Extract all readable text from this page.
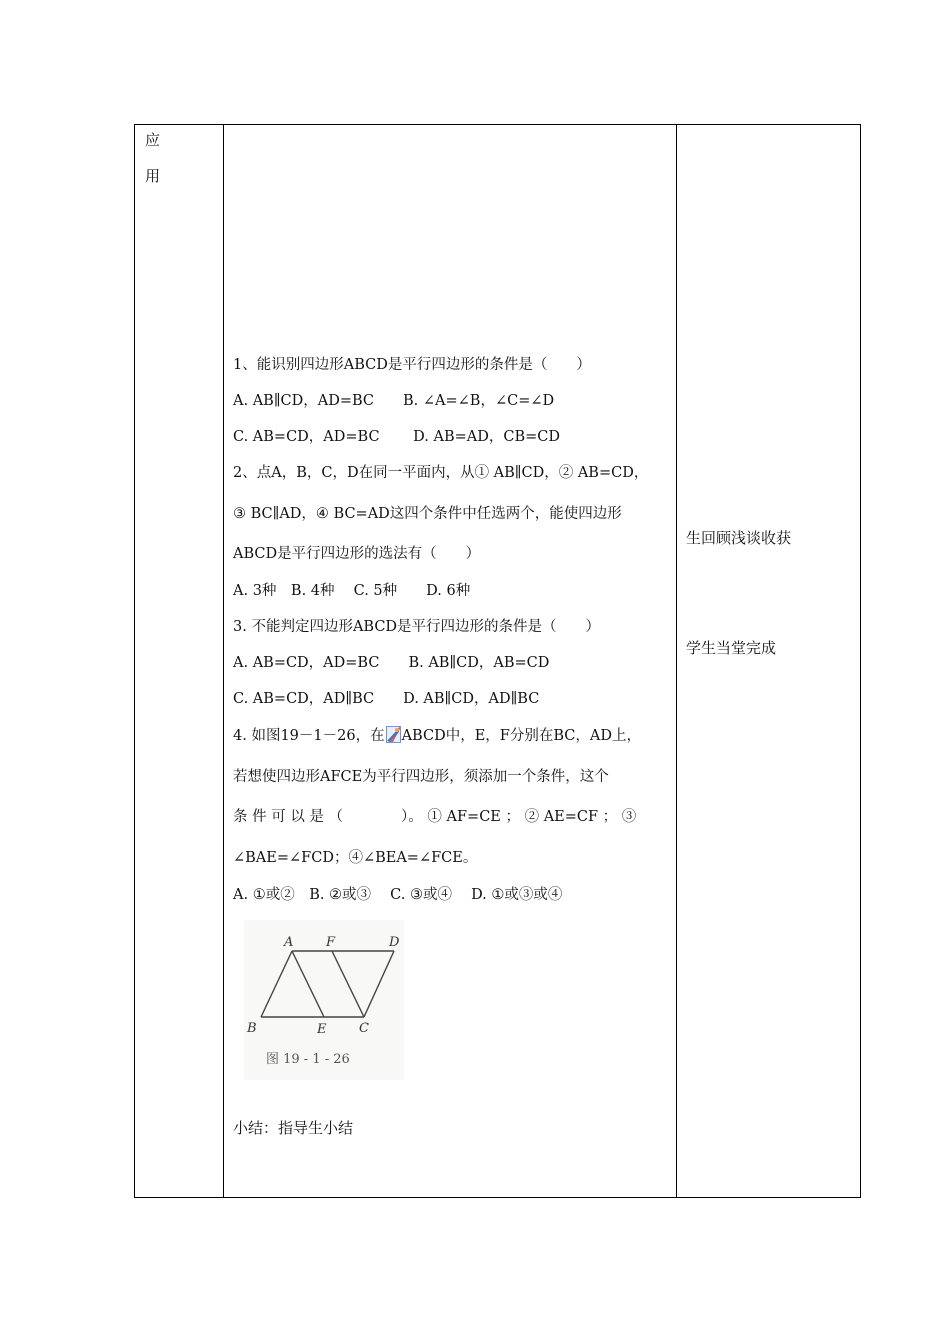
应
用
1、能识别四边形ABCD是平行四边形的条件是（　　）
A. AB∥CD，AD=BC　　B. ∠A=∠B，∠C=∠D
C. AB=CD，AD=BC　　 D. AB=AD，CB=CD
2、点A，B，C，D在同一平面内，从① AB∥CD，② AB=CD，
③ BC∥AD，④ BC=AD这四个条件中任选两个，能使四边形
ABCD是平行四边形的选法有（　　）
A. 3种　B. 4种　 C. 5种　　D. 6种
3. 不能判定四边形ABCD是平行四边形的条件是（　　）
A. AB=CD，AD=BC　　B. AB∥CD，AB=CD
C. AB=CD，AD∥BC　　D. AB∥CD，AD∥BC
4. 如图19－1－26，在 ABCD中，E，F分别在BC，AD上，
若想使四边形AFCE为平行四边形，须添加一个条件，这个
条 件 可 以 是 （　　　　）。 ① AF=CE ； ② AE=CF ； ③
∠BAE=∠FCD；④∠BEA=∠FCE。
A. ①或②　B. ②或③　 C. ③或④　 D. ①或③或④
A	F	D
B	E	C
图 19 - 1 - 26
小结：指导生小结
生回顾浅谈收获
学生当堂完成
